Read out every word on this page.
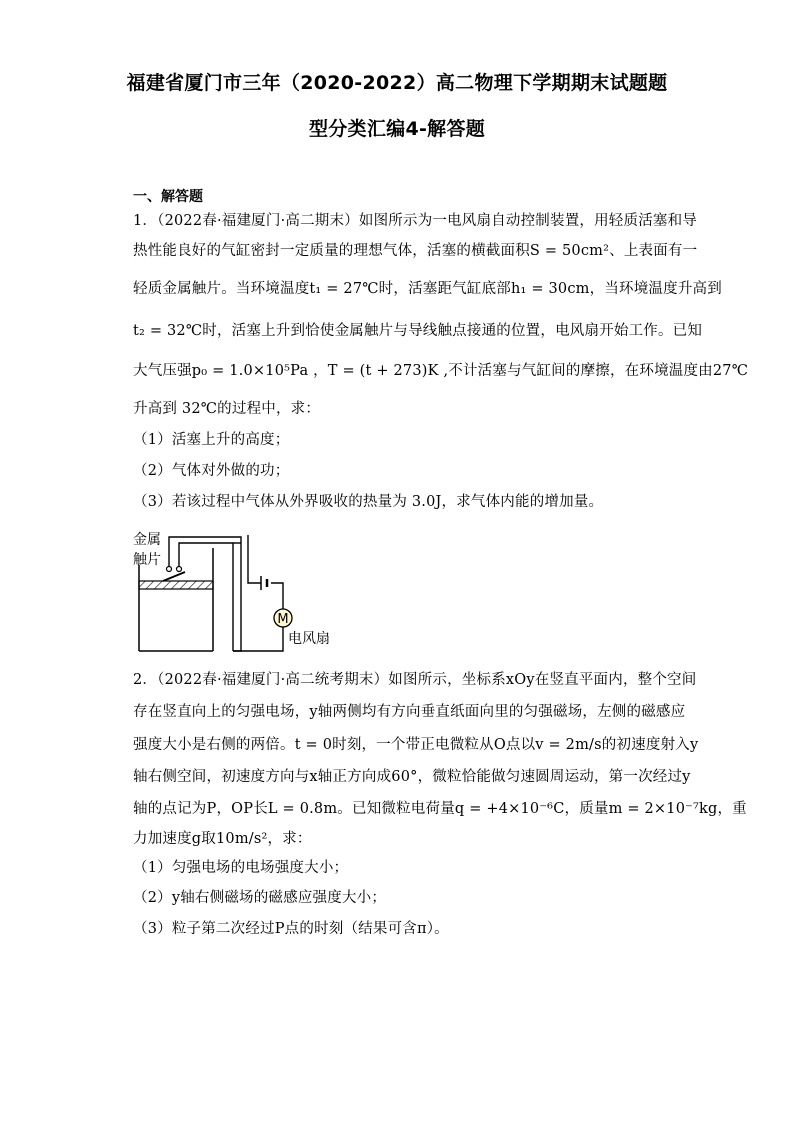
福建省厦门市三年（2020-2022）高二物理下学期期末试题题
型分类汇编4-解答题
一、解答题
1．（2022春·福建厦门·高二期末）如图所示为一电风扇自动控制装置，用轻质活塞和导
热性能良好的气缸密封一定质量的理想气体，活塞的横截面积S = 50cm²、上表面有一
轻质金属触片。当环境温度t₁ = 27℃时，活塞距气缸底部h₁ = 30cm，当环境温度升高到
t₂ = 32℃时，活塞上升到恰使金属触片与导线触点接通的位置，电风扇开始工作。已知
大气压强p₀ = 1.0×10⁵Pa ，T = (t + 273)K ,不计活塞与气缸间的摩擦，在环境温度由27℃
升高到 32℃的过程中，求：
（1）活塞上升的高度；
（2）气体对外做的功；
（3）若该过程中气体从外界吸收的热量为 3.0J，求气体内能的增加量。
M
金属
触片
电风扇
2．（2022春·福建厦门·高二统考期末）如图所示，坐标系xOy在竖直平面内，整个空间
存在竖直向上的匀强电场，y轴两侧均有方向垂直纸面向里的匀强磁场，左侧的磁感应
强度大小是右侧的两倍。t = 0时刻，一个带正电微粒从O点以v = 2m/s的初速度射入y
轴右侧空间，初速度方向与x轴正方向成60°，微粒恰能做匀速圆周运动，第一次经过y
轴的点记为P，OP长L = 0.8m。已知微粒电荷量q = +4×10⁻⁶C，质量m = 2×10⁻⁷kg，重
力加速度g取10m/s²，求：
（1）匀强电场的电场强度大小；
（2）y轴右侧磁场的磁感应强度大小；
（3）粒子第二次经过P点的时刻（结果可含π）。
